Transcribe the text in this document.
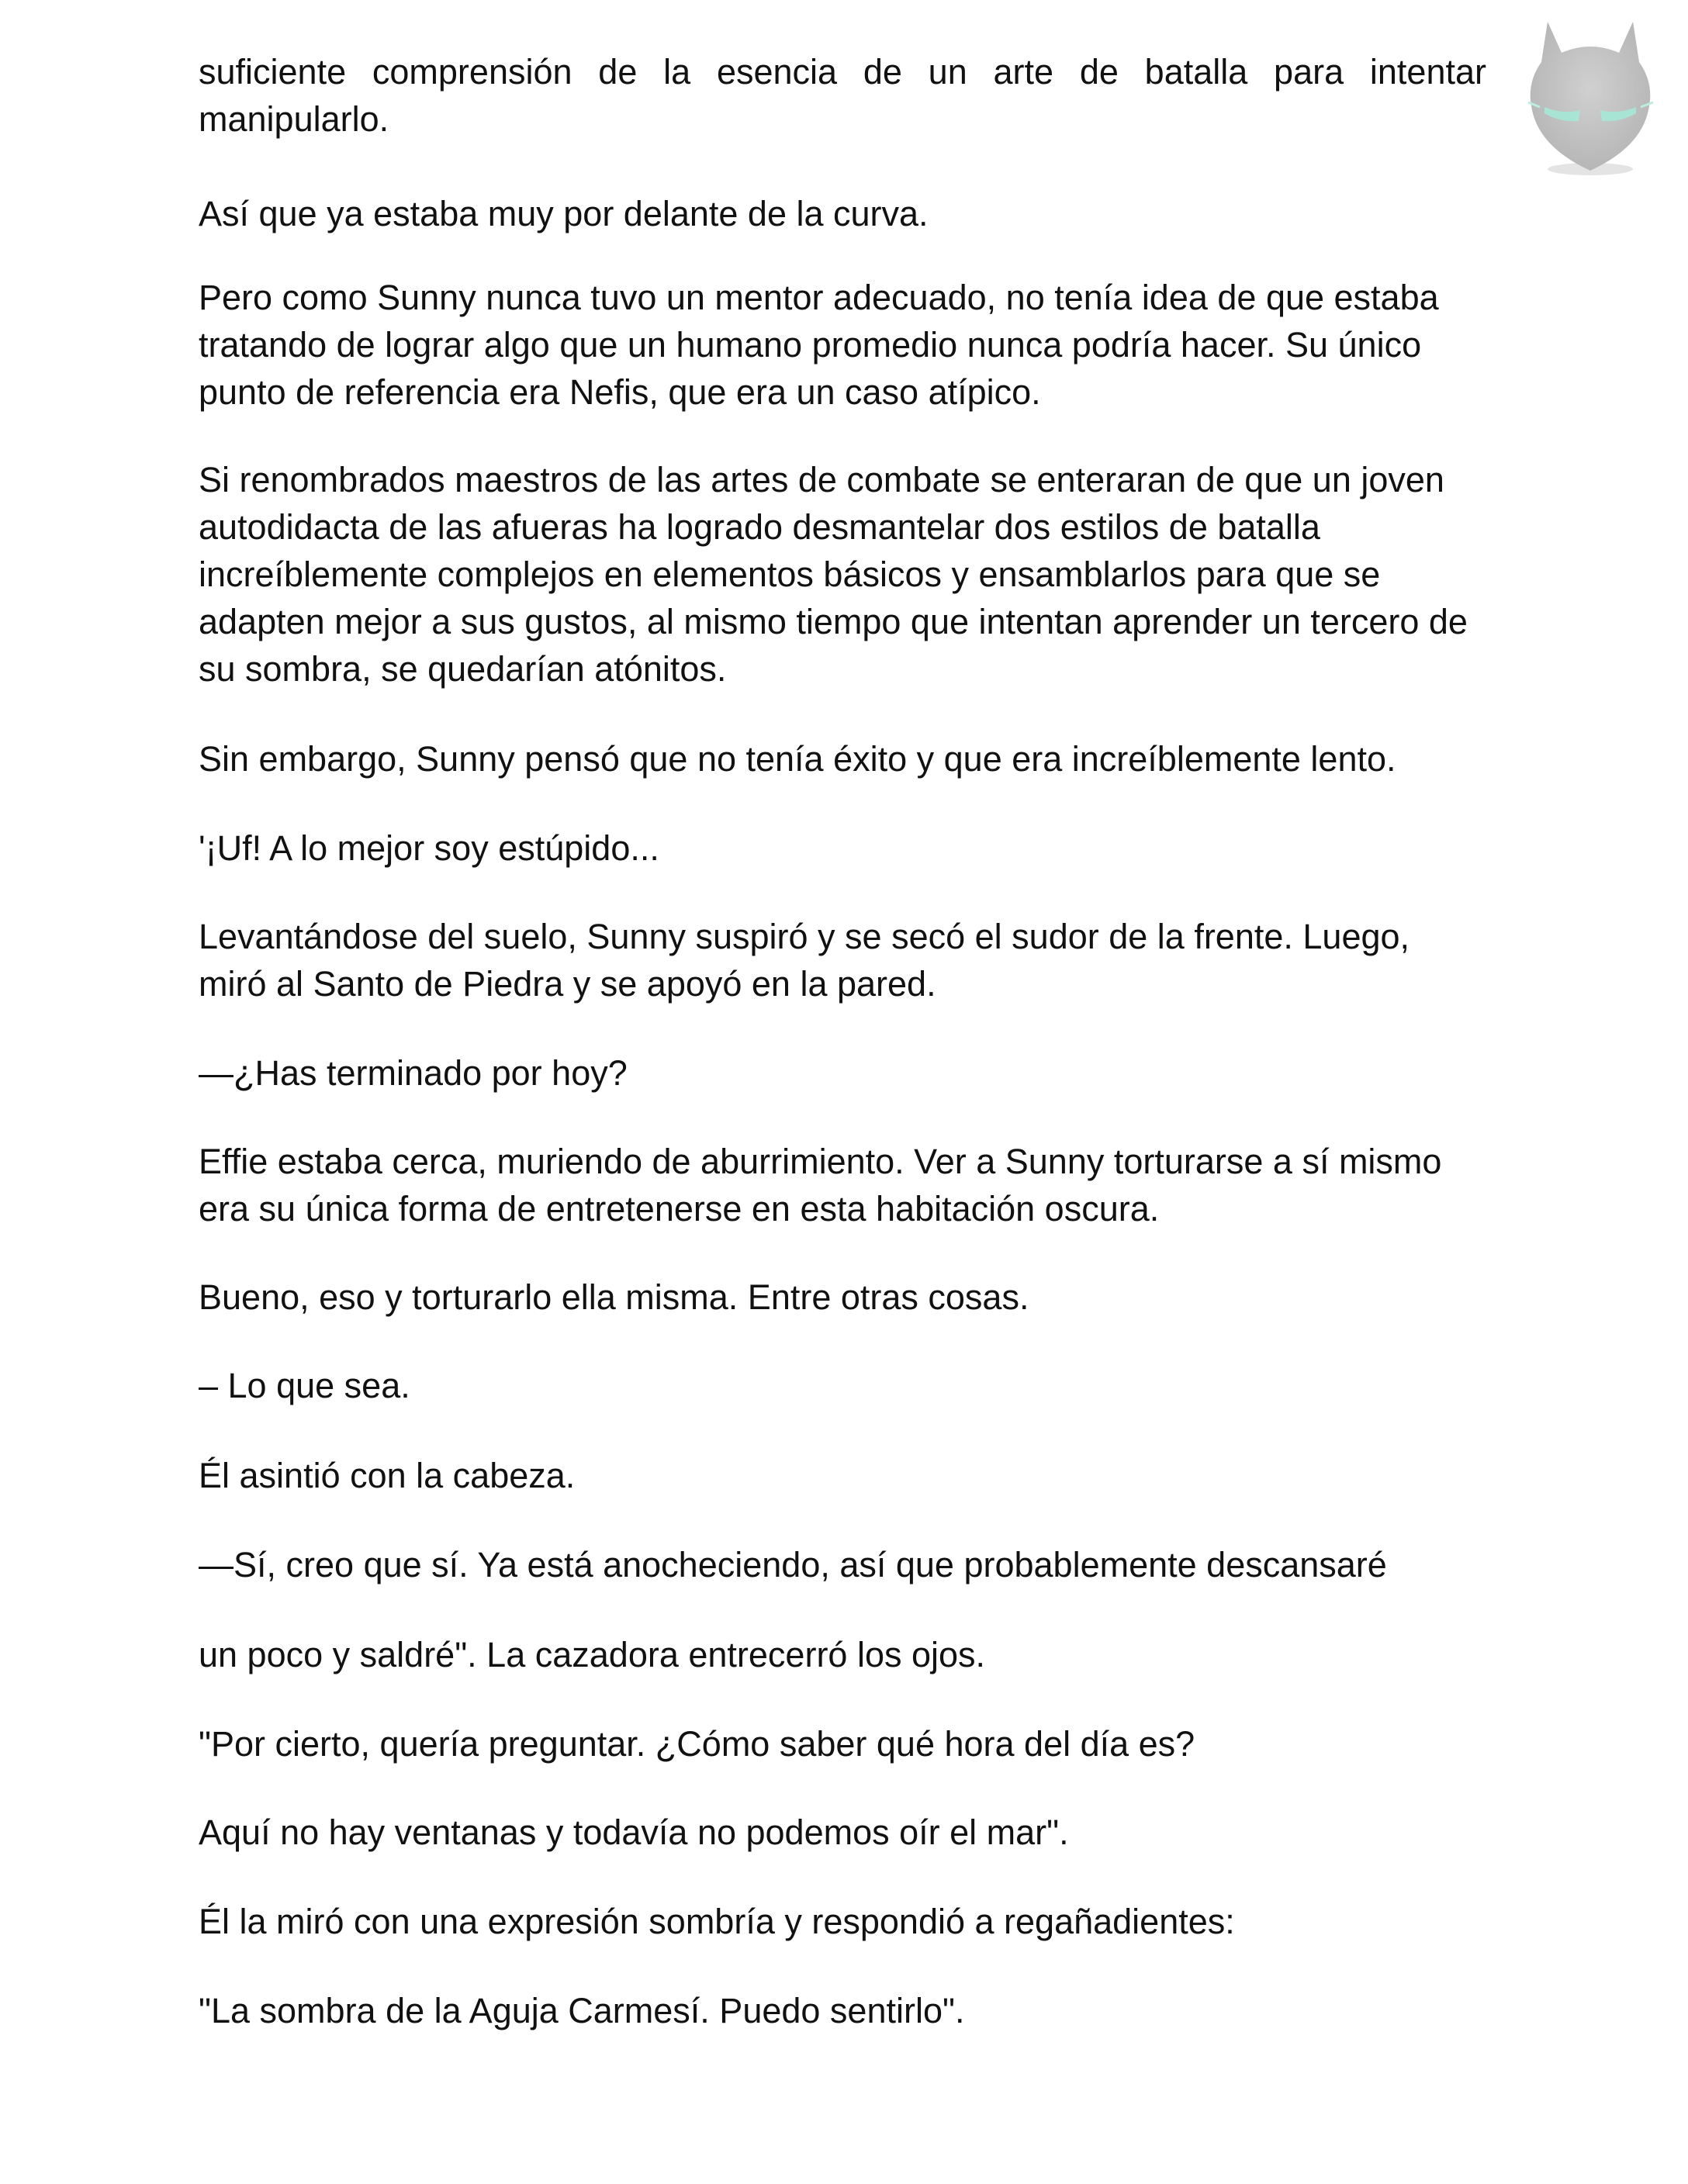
suficiente comprensión de la esencia de un arte de batalla para intentar manipularlo.

Así que ya estaba muy por delante de la curva.

Pero como Sunny nunca tuvo un mentor adecuado, no tenía idea de que estaba tratando de lograr algo que un humano promedio nunca podría hacer. Su único punto de referencia era Nefis, que era un caso atípico.

Si renombrados maestros de las artes de combate se enteraran de que un joven autodidacta de las afueras ha logrado desmantelar dos estilos de batalla increíblemente complejos en elementos básicos y ensamblarlos para que se adapten mejor a sus gustos, al mismo tiempo que intentan aprender un tercero de su sombra, se quedarían atónitos.

Sin embargo, Sunny pensó que no tenía éxito y que era increíblemente lento.

'¡Uf! A lo mejor soy estúpido...

Levantándose del suelo, Sunny suspiró y se secó el sudor de la frente. Luego, miró al Santo de Piedra y se apoyó en la pared.

—¿Has terminado por hoy?

Effie estaba cerca, muriendo de aburrimiento. Ver a Sunny torturarse a sí mismo era su única forma de entretenerse en esta habitación oscura.

Bueno, eso y torturarlo ella misma. Entre otras cosas.

– Lo que sea.

Él asintió con la cabeza.

—Sí, creo que sí. Ya está anocheciendo, así que probablemente descansaré

un poco y saldré". La cazadora entrecerró los ojos.

"Por cierto, quería preguntar. ¿Cómo saber qué hora del día es?

Aquí no hay ventanas y todavía no podemos oír el mar".

Él la miró con una expresión sombría y respondió a regañadientes:

"La sombra de la Aguja Carmesí. Puedo sentirlo".
